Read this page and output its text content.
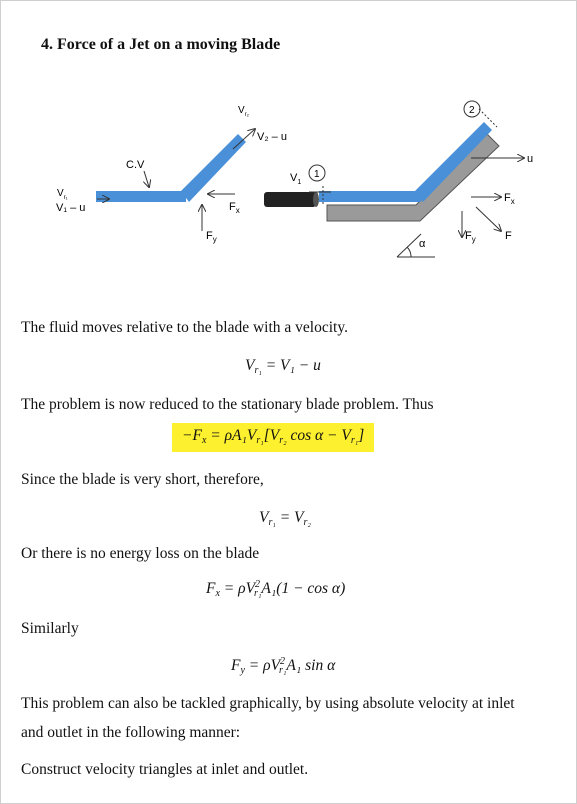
4. Force of a Jet on a moving Blade
C.V
$V_{r_1}$
V₁ – u
$V_{r_2}$
V₂ – u
$F_x$
$F_y$
$V_1$
1
2
u
$F_x$
F
$F_y$
α
The fluid moves relative to the blade with a velocity.
$V_{r_1} = V_1 - u$
The problem is now reduced to the stationary blade problem. Thus
$-F_x = \rho A_1V_{r_1}[V_{r_2}$ $\cos \alpha - V_{r_1}$]
Since the blade is very short, therefore,
$V_{r_1} = V_{r_2}$
Or there is no energy loss on the blade
$F_x = \rho V^2_{r_1}A_1(1 - \cos \alpha)$
Similarly
$F_y = \rho V^2_{r_1}A_1$ sin α
This problem can also be tackled graphically, by using absolute velocity at inlet
and outlet in the following manner:
Construct velocity triangles at inlet and outlet.
